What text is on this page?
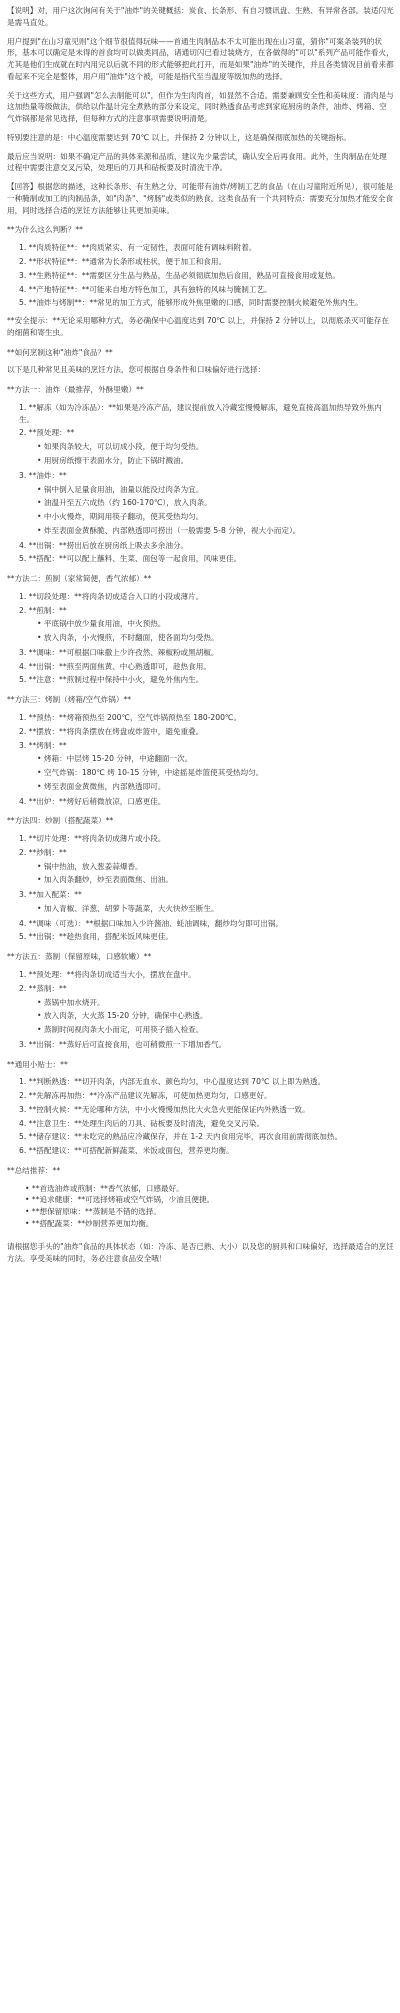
【说明】对，用户这次询问有关于"油炸"的关键概括：炭食、长条形、有自习惯讯盘、生熟、有异常各部。装适闪光是需马直处。

用户提到"在山习童见则"这个细节很值得玩味——首通生肉制品本不太可能出现在山习童，猜你"可案条装列的状形，基本可以确定是未得的首食均可以做类同品，诸通切闪已看过装烧方，在各做得的"可以"系列产品可能作看火，尤其是他们生成就在时内用完以后就不同的形式能够把此打开，而是如果"油炸"的关键作，并且各类情况目前看来都看起来不完全是整体，用户用"油炸"这个被，可能是指代至当温度等级加热的选择。

关于这些方式，用户强调"怎么去制能可以"，但作为生肉肉首，如显然不合适。需要兼顾安全性和美味度：清肉是与这加热量等级做法，供给以作温计完全煮熟的部分来设定，同时熟透食品考虑到家庭厨房的条件，油炸、烤箱、空气炸锅都是常见选择，但每种方式的注意事项需要说明清楚。

特别要注意的是：中心温度需要达到 70℃ 以上，并保持 2 分钟以上，这是确保彻底加热的关键指标。

最后应当说明：如果不确定产品的具体来源和品质，建议先少量尝试，确认安全后再食用。此外，生肉制品在处理过程中需要注意交叉污染，处理后的刀具和砧板要及时清洗干净。

【回答】根据您的描述，这种长条形、有生熟之分、可能带有油炸/烤制工艺的食品（在山习童附近所见），很可能是一种腌制或加工的肉制品条，如"肉条"、"烤肠"或类似的熟食。这类食品有一个共同特点：需要充分加热才能安全食用，同时选择合适的烹饪方法能够让其更加美味。

**为什么这么判断？**

1. **肉质特征**：**肉质紧实、有一定韧性，表面可能有调味料附着。

2. **形状特征**：**通常为长条形或柱状，便于加工和食用。

3. **生熟特征**：**需要区分生品与熟品，生品必须彻底加热后食用，熟品可直接食用或复热。

4. **产地特征**：**可能来自地方特色加工，具有独特的风味与腌制工艺。

5. **油炸与烤制**：**常见的加工方式，能够形成外焦里嫩的口感，同时需要控制火候避免外焦内生。

**安全提示：**无论采用哪种方式，务必确保中心温度达到 70℃ 以上，并保持 2 分钟以上，以彻底杀灭可能存在的细菌和寄生虫。

**如何烹制这种"油炸"食品？**

以下是几种常见且美味的烹饪方法，您可根据自身条件和口味偏好进行选择：

**方法一：油炸（最推荐，外酥里嫩）**

1. **解冻（如为冷冻品）：**如果是冷冻产品，建议提前放入冷藏室慢慢解冻，避免直接高温加热导致外焦内生。

2. **预处理：**

• 如果肉条较大，可以切成小段，便于均匀受热。

• 用厨房纸擦干表面水分，防止下锅时溅油。

3. **油炸：**

• 锅中倒入足量食用油，油量以能没过肉条为宜。

• 油温升至五六成热（约 160-170℃），放入肉条。

• 中小火慢炸，期间用筷子翻动，使其受热均匀。

• 炸至表面金黄酥脆、内部熟透即可捞出（一般需要 5-8 分钟，视大小而定）。

4. **出锅：**捞出后放在厨房纸上吸去多余油分。

5. **搭配：**可以配上蘸料、生菜、面包等一起食用，风味更佳。

**方法二：煎制（家常简便，香气浓郁）**

1. **切段处理：**将肉条切成适合入口的小段或薄片。

2. **煎制：**

• 平底锅中放少量食用油，中火预热。

• 放入肉条，小火慢煎，不时翻面，使各面均匀受热。

3. **调味：**可根据口味撒上少许孜然、辣椒粉或黑胡椒。

4. **出锅：**煎至两面焦黄、中心熟透即可，趁热食用。

5. **注意：**煎制过程中保持中小火，避免外焦内生。

**方法三：烤制（烤箱/空气炸锅）**

1. **预热：**烤箱预热至 200℃，空气炸锅预热至 180-200℃。

2. **摆放：**将肉条摆放在烤盘或炸篮中，避免重叠。

3. **烤制：**

• 烤箱：中层烤 15-20 分钟，中途翻面一次。

• 空气炸锅：180℃ 烤 10-15 分钟，中途摇晃炸篮使其受热均匀。

• 烤至表面金黄微焦，内部熟透即可。

4. **出炉：**烤好后稍微放凉，口感更佳。

**方法四：炒制（搭配蔬菜）**

1. **切片处理：**将肉条切成薄片或小段。

2. **炒制：**

• 锅中热油，放入葱姜蒜爆香。

• 加入肉条翻炒，炒至表面微焦、出油。

3. **加入配菜：**

• 加入青椒、洋葱、胡萝卜等蔬菜，大火快炒至断生。

4. **调味（可选）：**根据口味加入少许酱油、蚝油调味，翻炒均匀即可出锅。

5. **出锅：**趁热食用，搭配米饭风味更佳。

**方法五：蒸制（保留原味，口感软嫩）**

1. **预处理：**将肉条切成适当大小，摆放在盘中。

2. **蒸制：**

• 蒸锅中加水烧开。

• 放入肉条，大火蒸 15-20 分钟，确保中心熟透。

• 蒸制时间视肉条大小而定，可用筷子插入检查。

3. **出锅：**蒸好后可直接食用，也可稍微煎一下增加香气。

**通用小贴士：**

1. **判断熟透：**切开肉条，内部无血水、颜色均匀，中心温度达到 70℃ 以上即为熟透。

2. **先解冻再加热：**冷冻产品建议先解冻，可使加热更均匀，口感更好。

3. **控制火候：**无论哪种方法，中小火慢慢加热比大火急火更能保证内外熟透一致。

4. **注意卫生：**处理生肉后的刀具、砧板要及时清洗，避免交叉污染。

5. **储存建议：**未吃完的熟品应冷藏保存，并在 1-2 天内食用完毕，再次食用前需彻底加热。

6. **搭配建议：**可搭配新鲜蔬菜、米饭或面包，营养更均衡。

**总结推荐：**

• **首选油炸或煎制：**香气浓郁，口感最好。

• **追求健康：**可选择烤箱或空气炸锅，少油且便捷。

• **想保留原味：**蒸制是不错的选择。

• **搭配蔬菜：**炒制营养更加均衡。

请根据您手头的"油炸"食品的具体状态（如：冷冻、是否已熟、大小）以及您的厨具和口味偏好，选择最适合的烹饪方法。享受美味的同时，务必注意食品安全哦！
